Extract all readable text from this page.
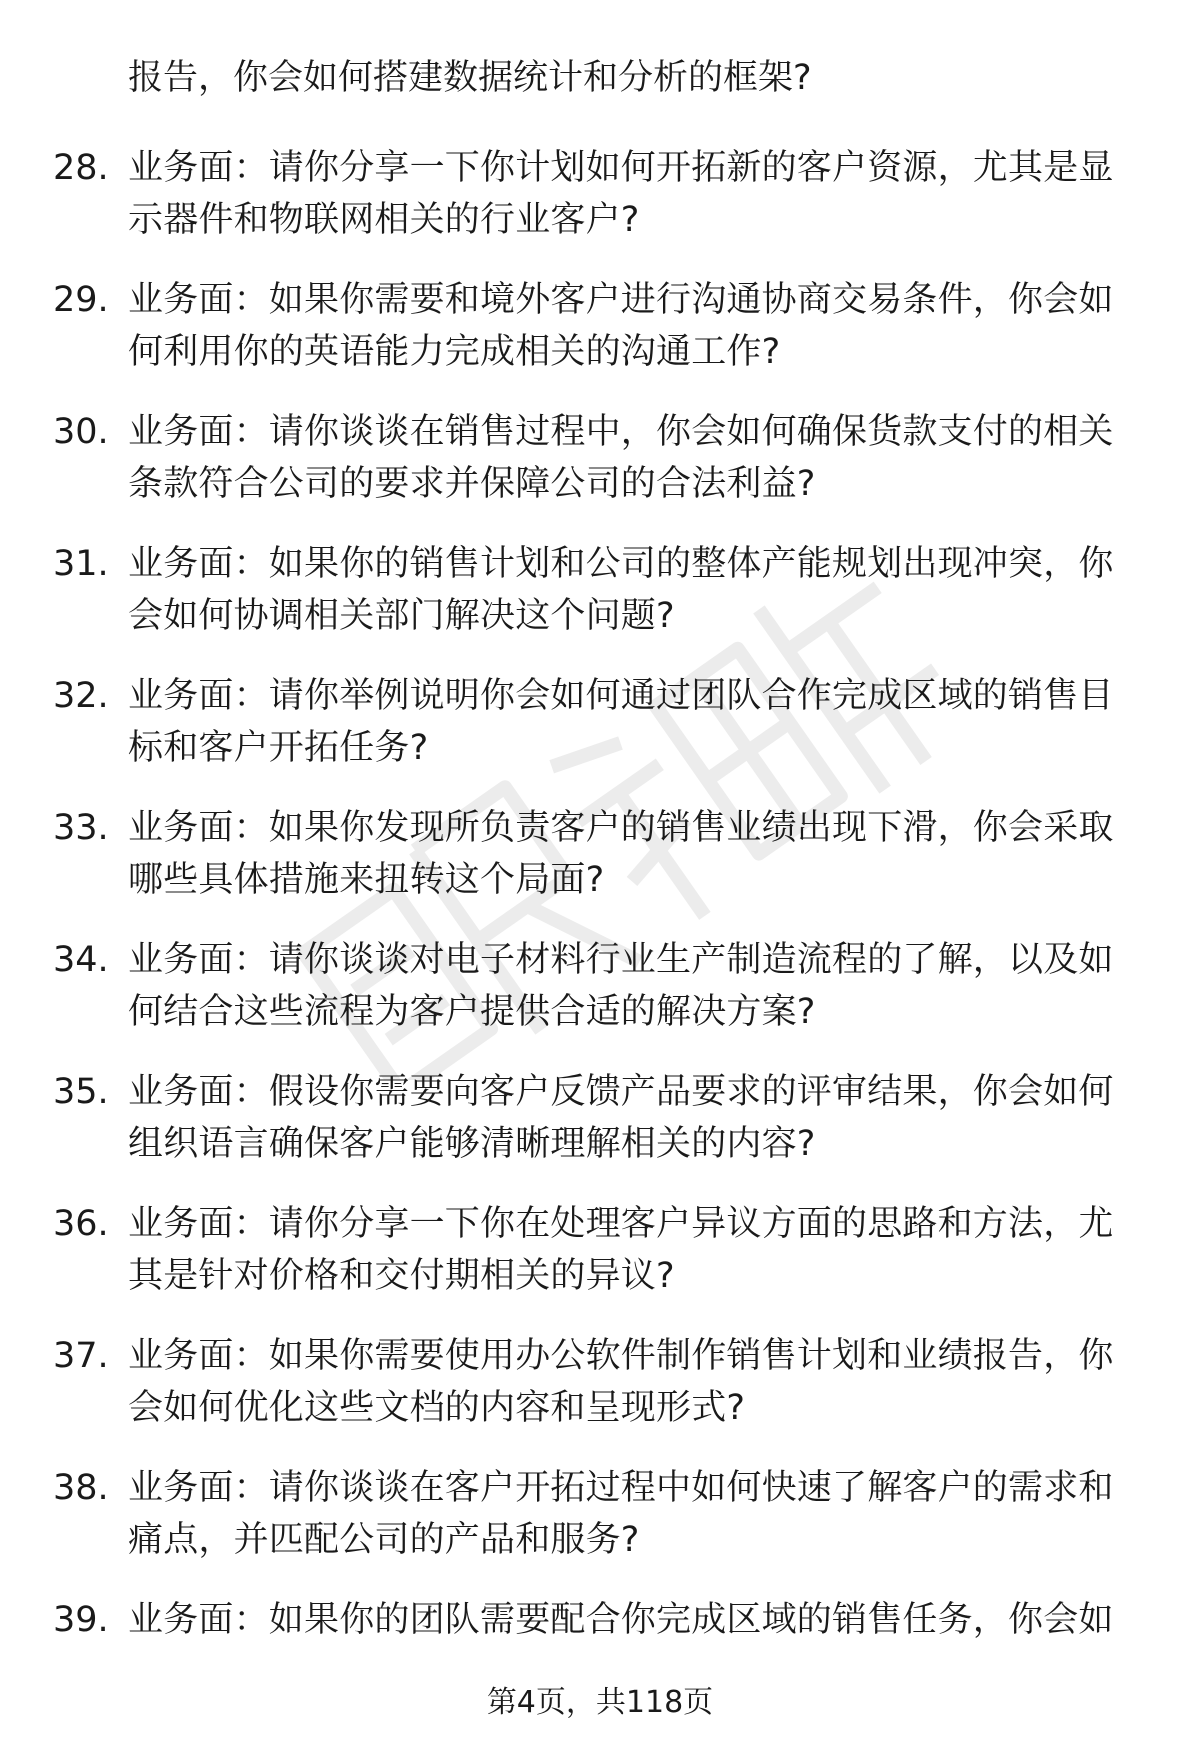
报告，你会如何搭建数据统计和分析的框架?
28. 业务面：请你分享一下你计划如何开拓新的客户资源，尤其是显示器件和物联网相关的行业客户?
29. 业务面：如果你需要和境外客户进行沟通协商交易条件，你会如何利用你的英语能力完成相关的沟通工作?
30. 业务面：请你谈谈在销售过程中，你会如何确保货款支付的相关条款符合公司的要求并保障公司的合法利益?
31. 业务面：如果你的销售计划和公司的整体产能规划出现冲突，你会如何协调相关部门解决这个问题?
32. 业务面：请你举例说明你会如何通过团队合作完成区域的销售目标和客户开拓任务?
33. 业务面：如果你发现所负责客户的销售业绩出现下滑，你会采取哪些具体措施来扭转这个局面?
34. 业务面：请你谈谈对电子材料行业生产制造流程的了解，以及如何结合这些流程为客户提供合适的解决方案?
35. 业务面：假设你需要向客户反馈产品要求的评审结果，你会如何组织语言确保客户能够清晰理解相关的内容?
36. 业务面：请你分享一下你在处理客户异议方面的思路和方法，尤其是针对价格和交付期相关的异议?
37. 业务面：如果你需要使用办公软件制作销售计划和业绩报告，你会如何优化这些文档的内容和呈现形式?
38. 业务面：请你谈谈在客户开拓过程中如何快速了解客户的需求和痛点，并匹配公司的产品和服务?
39. 业务面：如果你的团队需要配合你完成区域的销售任务，你会如
第4页，共118页
